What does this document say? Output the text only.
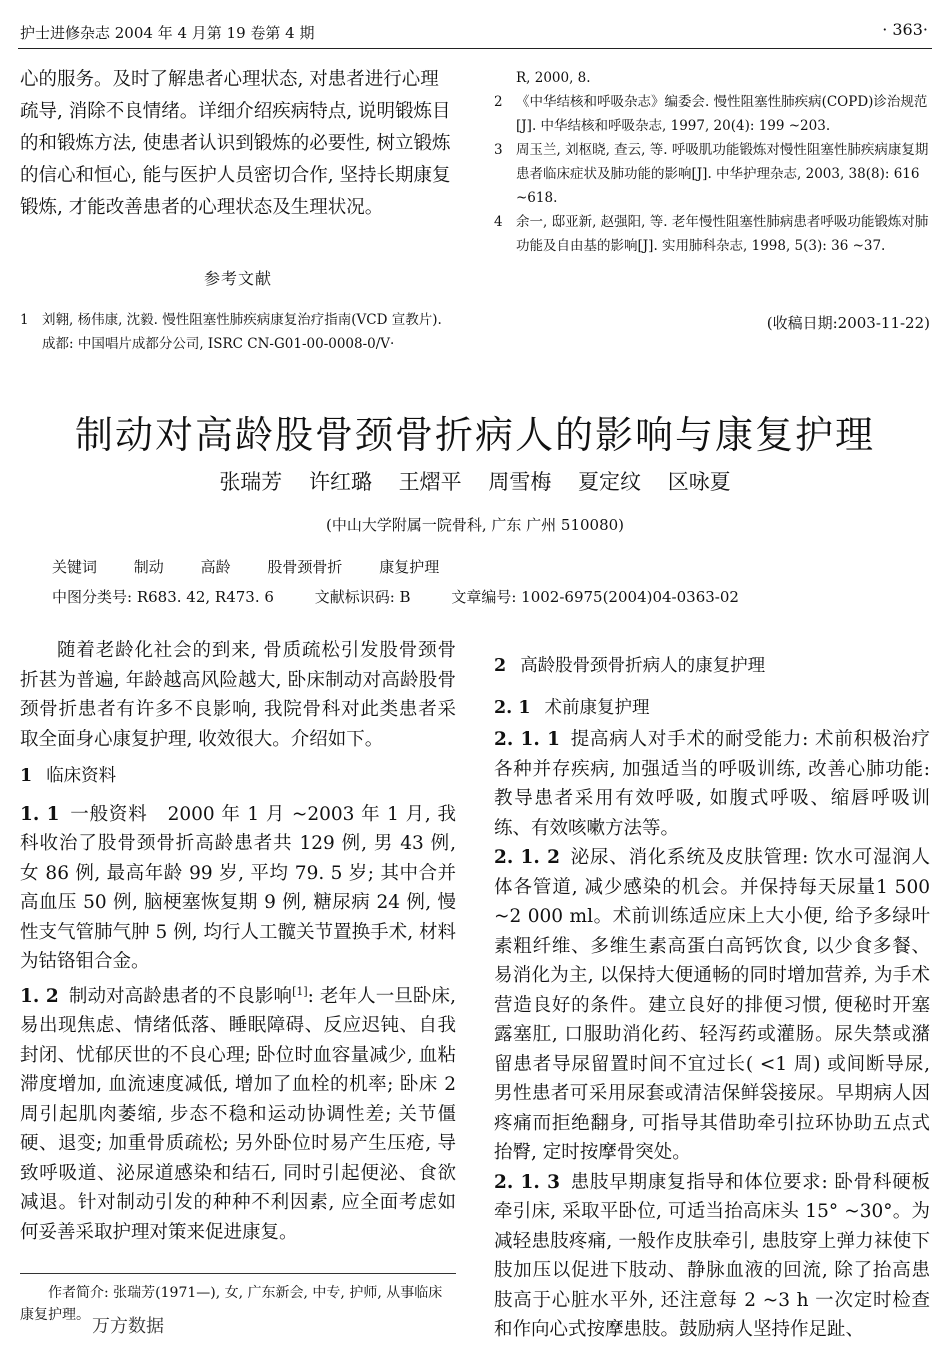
护士进修杂志 2004 年 4 月第 19 卷第 4 期	· 363·
心的服务。及时了解患者心理状态, 对患者进行心理疏导, 消除不良情绪。详细介绍疾病特点, 说明锻炼目的和锻炼方法, 使患者认识到锻炼的必要性, 树立锻炼的信心和恒心, 能与医护人员密切合作, 坚持长期康复锻炼, 才能改善患者的心理状态及生理状况。
参考文献
1 刘翱, 杨伟康, 沈毅. 慢性阻塞性肺疾病康复治疗指南(VCD 宣教片). 成都: 中国唱片成都分公司, ISRC CN-G01-00-0008-0/V·
R, 2000, 8.
2 《中华结核和呼吸杂志》编委会. 慢性阻塞性肺疾病(COPD)诊治规范[J]. 中华结核和呼吸杂志, 1997, 20(4): 199 ~203.
3 周玉兰, 刘枢晓, 查云, 等. 呼吸肌功能锻炼对慢性阻塞性肺疾病康复期患者临床症状及肺功能的影响[J]. 中华护理杂志, 2003, 38(8): 616 ~618.
4 余一, 邸亚新, 赵强阳, 等. 老年慢性阻塞性肺病患者呼吸功能锻炼对肺功能及自由基的影响[J]. 实用肺科杂志, 1998, 5(3): 36 ~37.
(收稿日期:2003-11-22)
制动对高龄股骨颈骨折病人的影响与康复护理
张瑞芳 许红璐 王熠平 周雪梅 夏定纹 区咏夏
(中山大学附属一院骨科, 广东 广州 510080)
关键词 制动 高龄 股骨颈骨折 康复护理
中图分类号: R683. 42, R473. 6	文献标识码: B	文章编号: 1002-6975(2004)04-0363-02

随着老龄化社会的到来, 骨质疏松引发股骨颈骨折甚为普遍, 年龄越高风险越大, 卧床制动对高龄股骨颈骨折患者有许多不良影响, 我院骨科对此类患者采取全面身心康复护理, 收效很大。介绍如下。

1 临床资料

1. 1 一般资料 2000 年 1 月 ~2003 年 1 月, 我科收治了股骨颈骨折高龄患者共 129 例, 男 43 例, 女 86 例, 最高年龄 99 岁, 平均 79. 5 岁; 其中合并高血压 50 例, 脑梗塞恢复期 9 例, 糖尿病 24 例, 慢性支气管肺气肿 5 例, 均行人工髋关节置换手术, 材料为钴铬钼合金。

1. 2 制动对高龄患者的不良影响[1]: 老年人一旦卧床, 易出现焦虑、情绪低落、睡眠障碍、反应迟钝、自我封闭、忧郁厌世的不良心理; 卧位时血容量减少, 血粘滞度增加, 血流速度减低, 增加了血栓的机率; 卧床 2 周引起肌肉萎缩, 步态不稳和运动协调性差; 关节僵硬、退变; 加重骨质疏松; 另外卧位时易产生压疮, 导致呼吸道、泌尿道感染和结石, 同时引起便泌、食欲减退。针对制动引发的种种不利因素, 应全面考虑如何妥善采取护理对策来促进康复。

2 高龄股骨颈骨折病人的康复护理
2. 1 术前康复护理

2. 1. 1 提高病人对手术的耐受能力: 术前积极治疗各种并存疾病, 加强适当的呼吸训练, 改善心肺功能: 教导患者采用有效呼吸, 如腹式呼吸、缩唇呼吸训练、有效咳嗽方法等。

2. 1. 2 泌尿、消化系统及皮肤管理: 饮水可湿润人体各管道, 减少感染的机会。并保持每天尿量1 500 ~2 000 ml。术前训练适应床上大小便, 给予多绿叶素粗纤维、多维生素高蛋白高钙饮食, 以少食多餐、易消化为主, 以保持大便通畅的同时增加营养, 为手术营造良好的条件。建立良好的排便习惯, 便秘时开塞露塞肛, 口服助消化药、轻泻药或灌肠。尿失禁或潴留患者导尿留置时间不宜过长( <1 周) 或间断导尿, 男性患者可采用尿套或清洁保鲜袋接尿。早期病人因疼痛而拒绝翻身, 可指导其借助牵引拉环协助五点式抬臀, 定时按摩骨突处。

2. 1. 3 患肢早期康复指导和体位要求: 卧骨科硬板牵引床, 采取平卧位, 可适当抬高床头 15° ~30°。为减轻患肢疼痛, 一般作皮肤牵引, 患肢穿上弹力袜使下肢加压以促进下肢动、静脉血液的回流, 除了抬高患肢高于心脏水平外, 还注意每 2 ~3 h 一次定时检查和作向心式按摩患肢。鼓励病人坚持作足趾、

作者简介: 张瑞芳(1971—), 女, 广东新会, 中专, 护师, 从事临床康复护理。
万方数据
